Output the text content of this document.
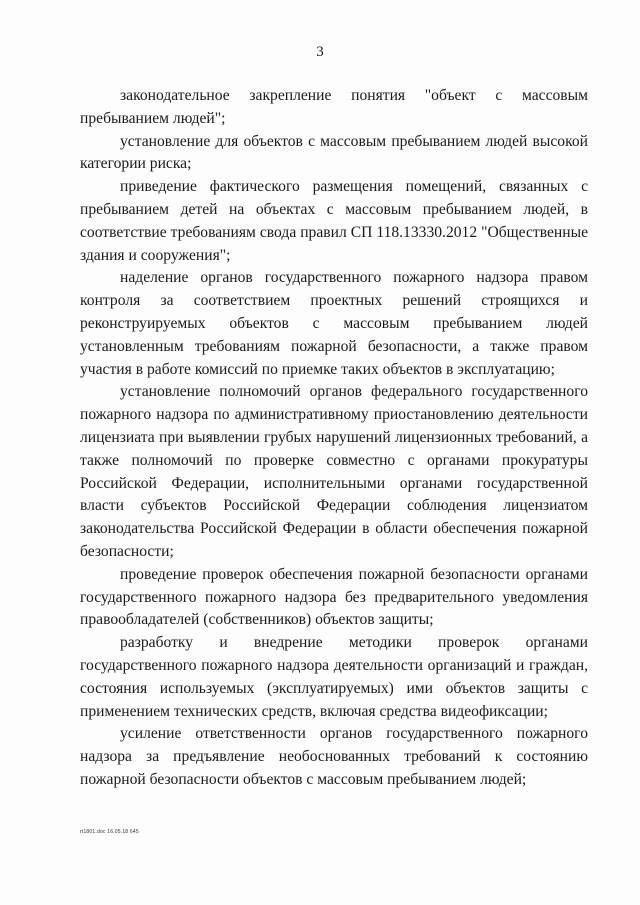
3

законодательное закрепление понятия "объект с массовым пребыванием людей";

установление для объектов с массовым пребыванием людей высокой категории риска;

приведение фактического размещения помещений, связанных с пребыванием детей на объектах с массовым пребыванием людей, в соответствие требованиям свода правил СП 118.13330.2012 "Общественные здания и сооружения";

наделение органов государственного пожарного надзора правом контроля за соответствием проектных решений строящихся и реконструируемых объектов с массовым пребыванием людей установленным требованиям пожарной безопасности, а также правом участия в работе комиссий по приемке таких объектов в эксплуатацию;

установление полномочий органов федерального государственного пожарного надзора по административному приостановлению деятельности лицензиата при выявлении грубых нарушений лицензионных требований, а также полномочий по проверке совместно с органами прокуратуры Российской Федерации, исполнительными органами государственной власти субъектов Российской Федерации соблюдения лицензиатом законодательства Российской Федерации в области обеспечения пожарной безопасности;

проведение проверок обеспечения пожарной безопасности органами государственного пожарного надзора без предварительного уведомления правообладателей (собственников) объектов защиты;

разработку и внедрение методики проверок органами государственного пожарного надзора деятельности организаций и граждан, состояния используемых (эксплуатируемых) ими объектов защиты с применением технических средств, включая средства видеофиксации;

усиление ответственности органов государственного пожарного надзора за предъявление необоснованных требований к состоянию пожарной безопасности объектов с массовым пребыванием людей;

rt1801.doc 16.05.18 645
